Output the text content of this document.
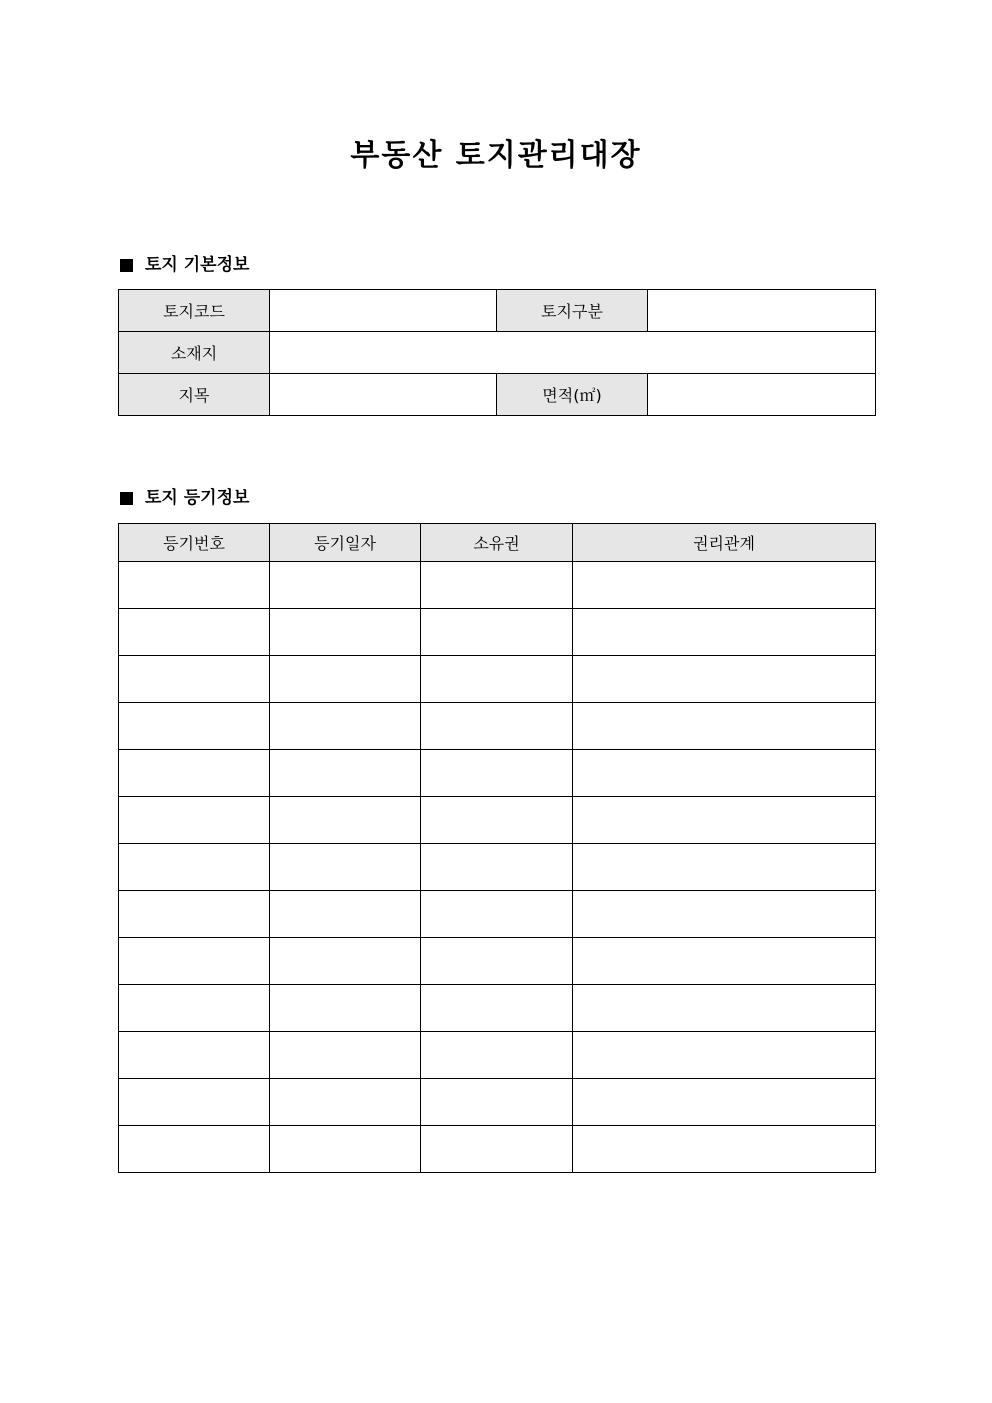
부동산 토지관리대장
토지 기본정보
토지코드		토지구분	
소재지			
지목		면적(㎡)	
토지 등기정보
등기번호	등기일자	소유권	권리관계
